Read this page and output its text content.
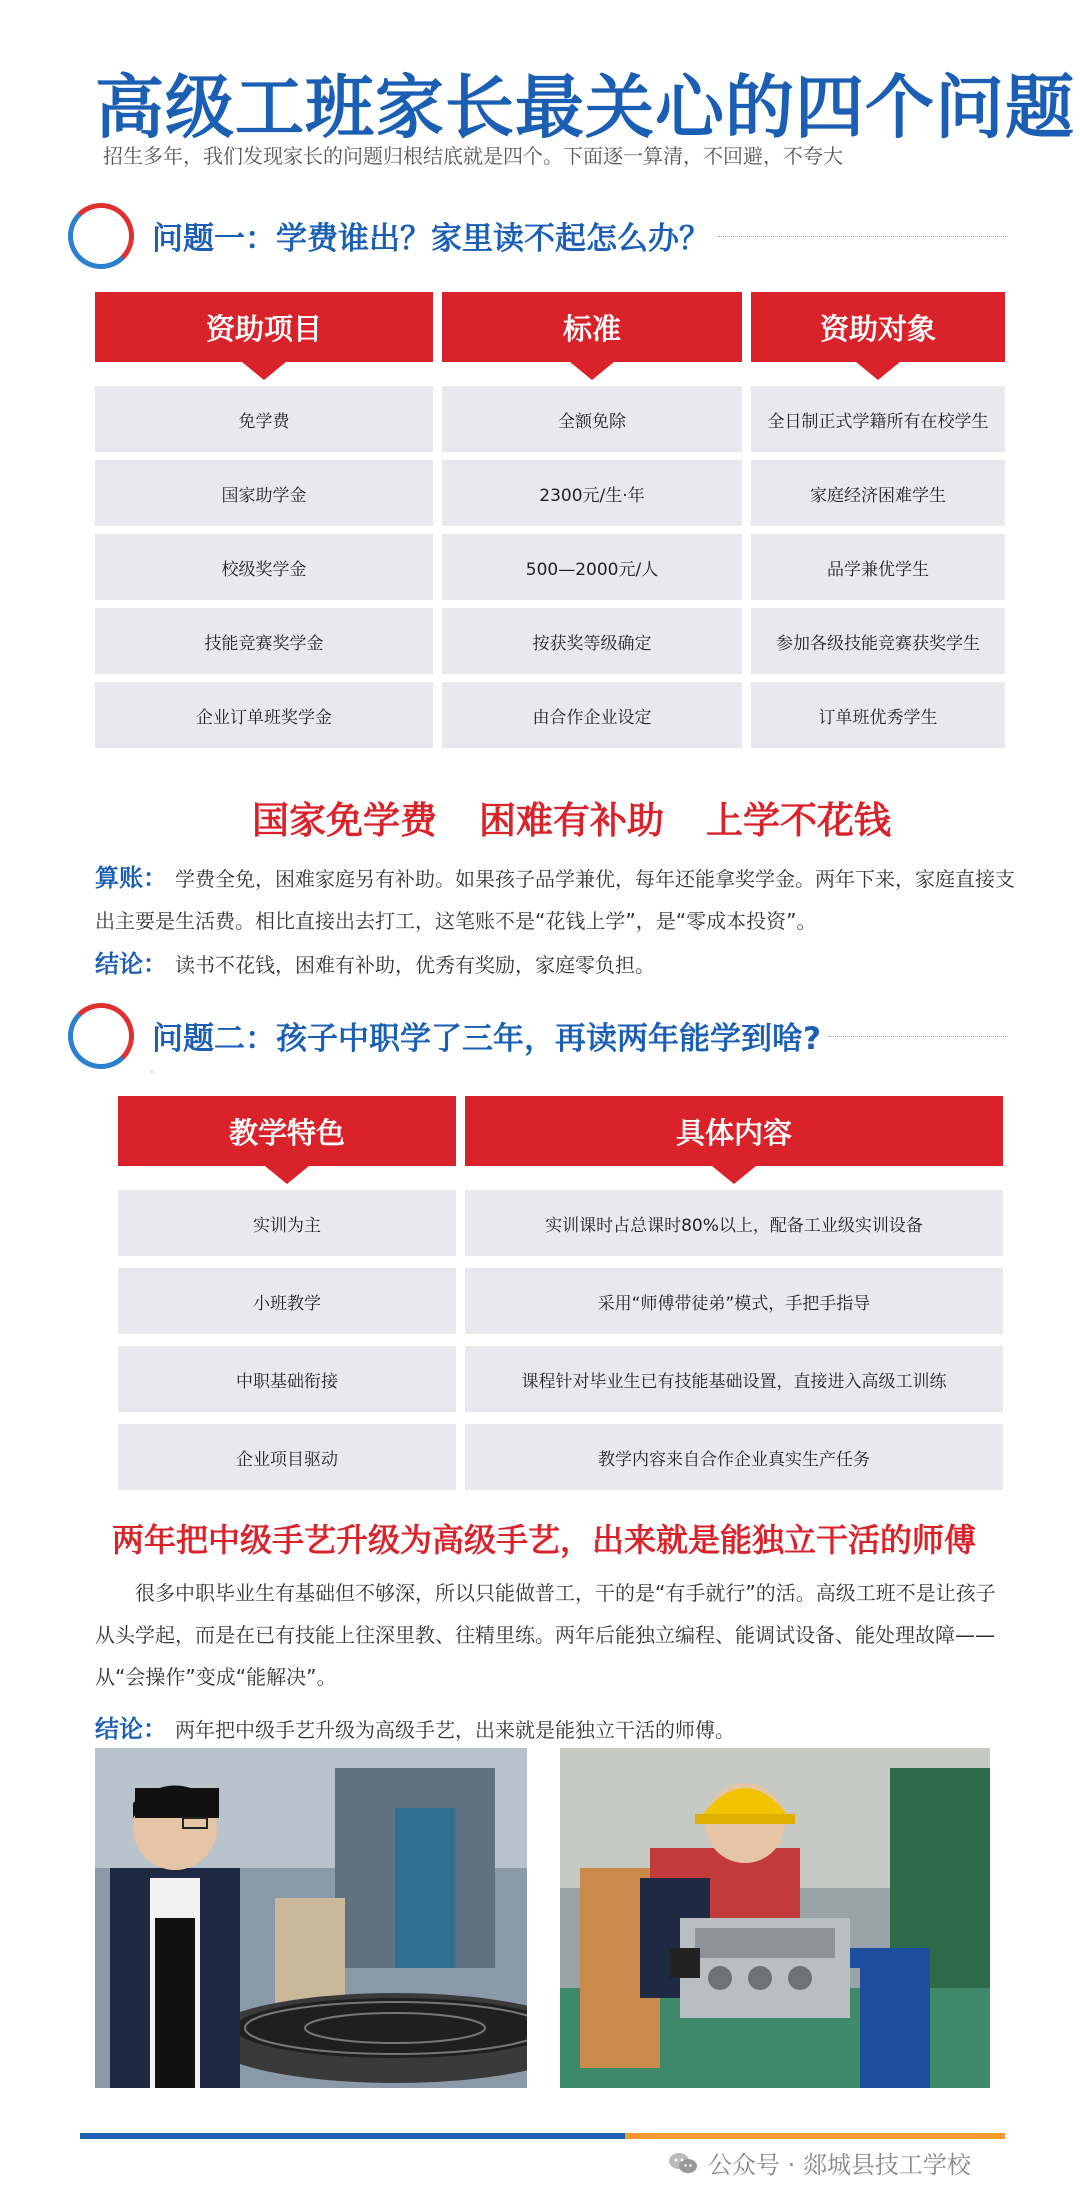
高级工班家长最关心的四个问题
招生多年，我们发现家长的问题归根结底就是四个。下面逐一算清，不回避，不夸大
问题一：学费谁出？家里读不起怎么办？
资助项目	标准	资助对象
免学费	全额免除	全日制正式学籍所有在校学生
国家助学金	2300元/生·年	家庭经济困难学生
校级奖学金	500—2000元/人	品学兼优学生
技能竞赛奖学金	按获奖等级确定	参加各级技能竞赛获奖学生
企业订单班奖学金	由合作企业设定	订单班优秀学生
国家免学费 困难有补助 上学不花钱
算账： 学费全免，困难家庭另有补助。如果孩子品学兼优，每年还能拿奖学金。两年下来，家庭直接支出主要是生活费。相比直接出去打工，这笔账不是“花钱上学”，是“零成本投资”。
结论： 读书不花钱，困难有补助，优秀有奖励，家庭零负担。
问题二：孩子中职学了三年，再读两年能学到啥?
。
教学特色	具体内容
实训为主	实训课时占总课时80%以上，配备工业级实训设备
小班教学	采用“师傅带徒弟”模式，手把手指导
中职基础衔接	课程针对毕业生已有技能基础设置，直接进入高级工训练
企业项目驱动	教学内容来自合作企业真实生产任务
两年把中级手艺升级为高级手艺，出来就是能独立干活的师傅
很多中职毕业生有基础但不够深，所以只能做普工，干的是“有手就行”的活。高级工班不是让孩子从头学起，而是在已有技能上往深里教、往精里练。两年后能独立编程、能调试设备、能处理故障——从“会操作”变成“能解决”。
结论： 两年把中级手艺升级为高级手艺，出来就是能独立干活的师傅。
公众号 · 郯城县技工学校
